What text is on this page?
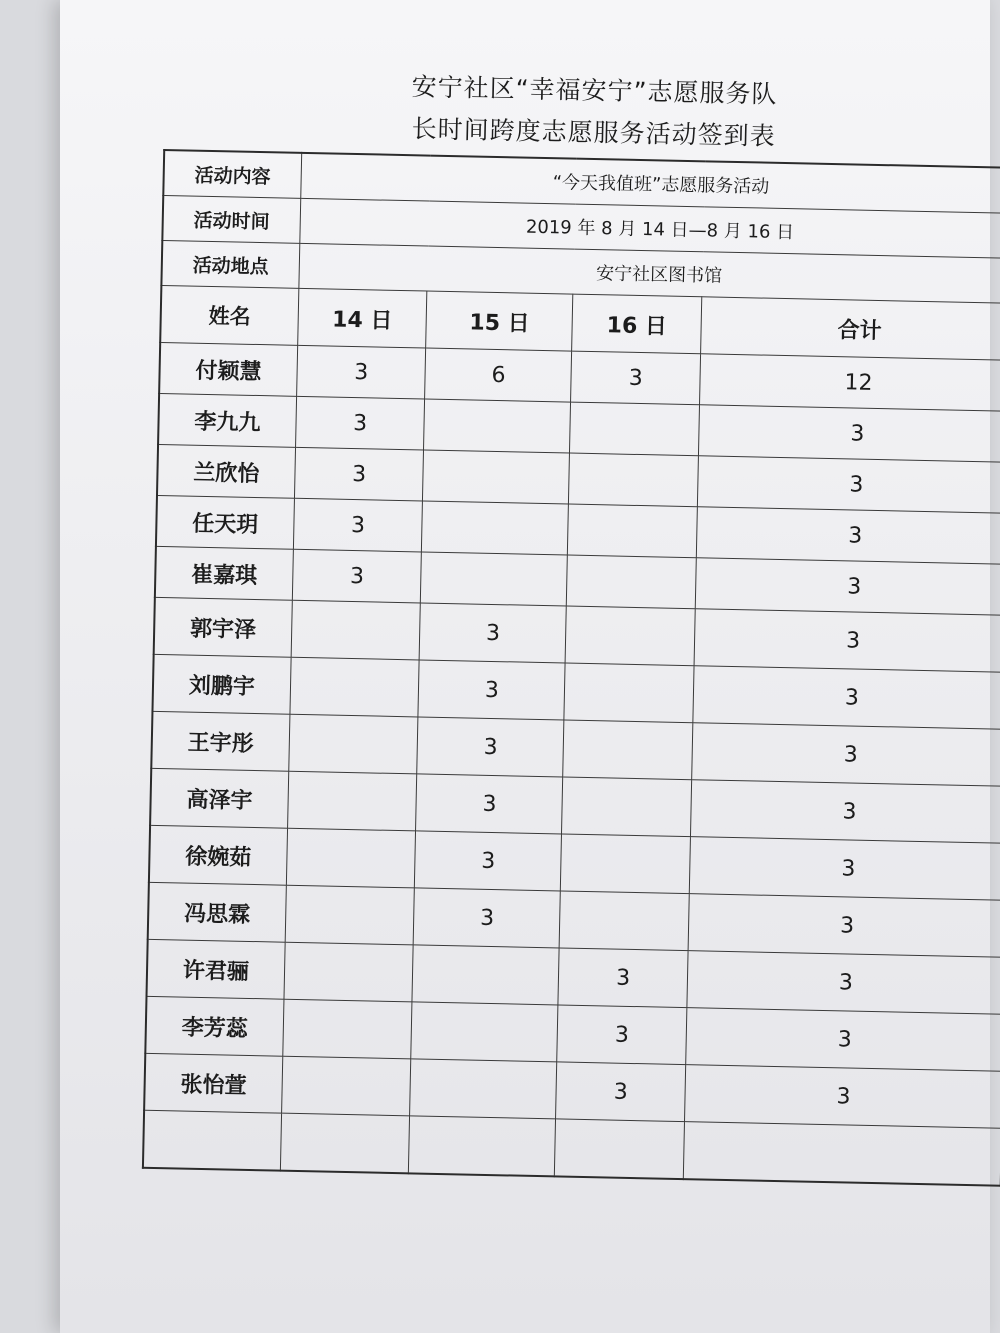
安宁社区“幸福安宁”志愿服务队
长时间跨度志愿服务活动签到表
活动内容	“今天我值班”志愿服务活动			
活动时间	2019 年 8 月 14 日—8 月 16 日			
活动地点	安宁社区图书馆			
姓名	14 日	15 日	16 日	合计
付颖慧	3	6	3	12
李九九	3			3
兰欣怡	3			3
任天玥	3			3
崔嘉琪	3			3
郭宇泽		3		3
刘鹏宇		3		3
王宇彤		3		3
高泽宇		3		3
徐婉茹		3		3
冯思霖		3		3
许君骊			3	3
李芳蕊			3	3
张怡萱			3	3
